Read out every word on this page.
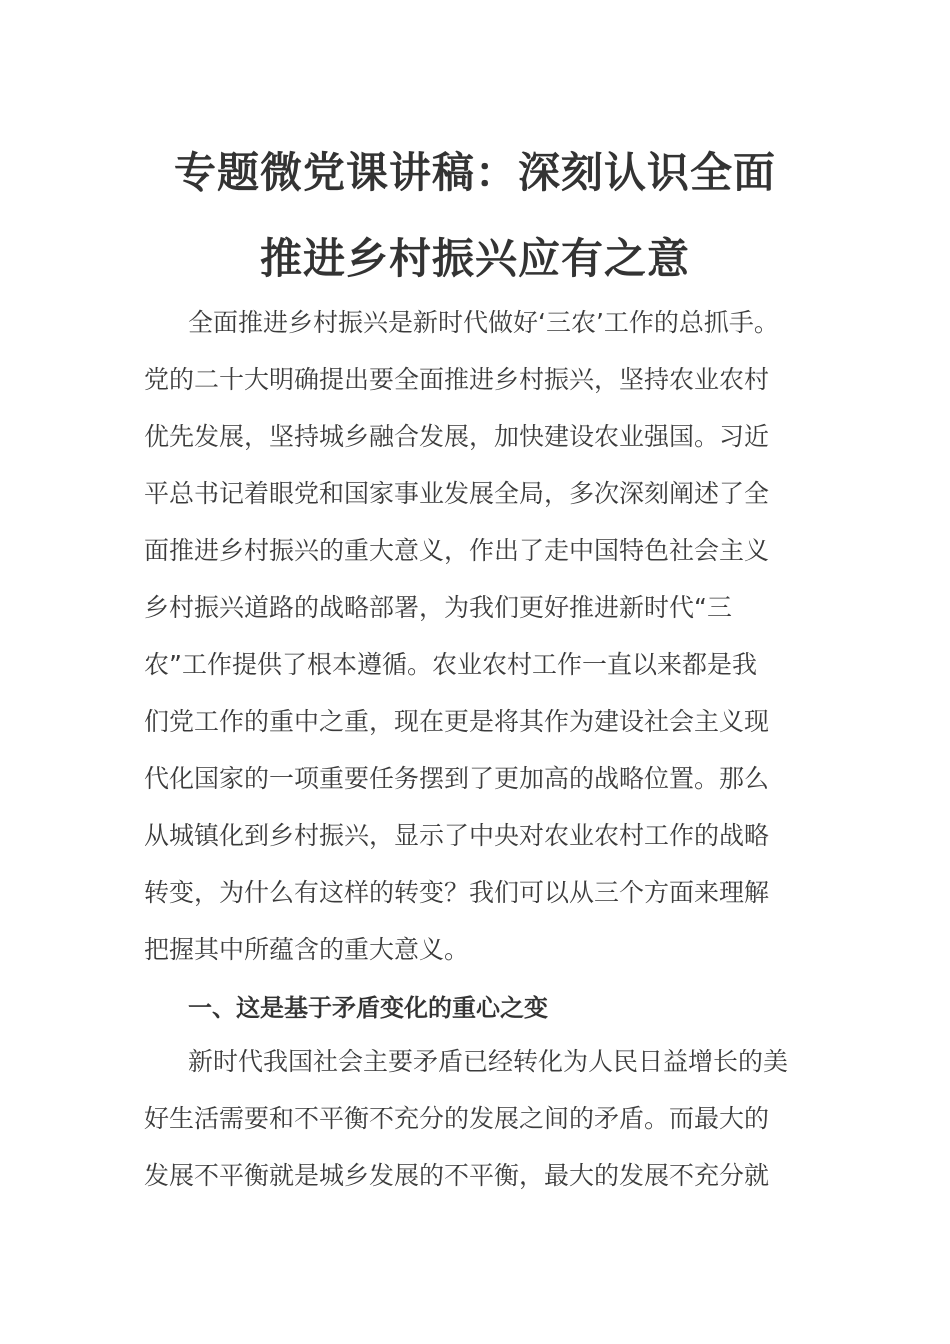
专题微党课讲稿：深刻认识全面
推进乡村振兴应有之意
全面推进乡村振兴是新时代做好‘三农’工作的总抓手。
党的二十大明确提出要全面推进乡村振兴，坚持农业农村
优先发展，坚持城乡融合发展，加快建设农业强国。习近
平总书记着眼党和国家事业发展全局，多次深刻阐述了全
面推进乡村振兴的重大意义，作出了走中国特色社会主义
乡村振兴道路的战略部署，为我们更好推进新时代“三
农”工作提供了根本遵循。农业农村工作一直以来都是我
们党工作的重中之重，现在更是将其作为建设社会主义现
代化国家的一项重要任务摆到了更加高的战略位置。那么
从城镇化到乡村振兴，显示了中央对农业农村工作的战略
转变，为什么有这样的转变？我们可以从三个方面来理解
把握其中所蕴含的重大意义。
一、这是基于矛盾变化的重心之变
新时代我国社会主要矛盾已经转化为人民日益增长的美
好生活需要和不平衡不充分的发展之间的矛盾。而最大的
发展不平衡就是城乡发展的不平衡，最大的发展不充分就
